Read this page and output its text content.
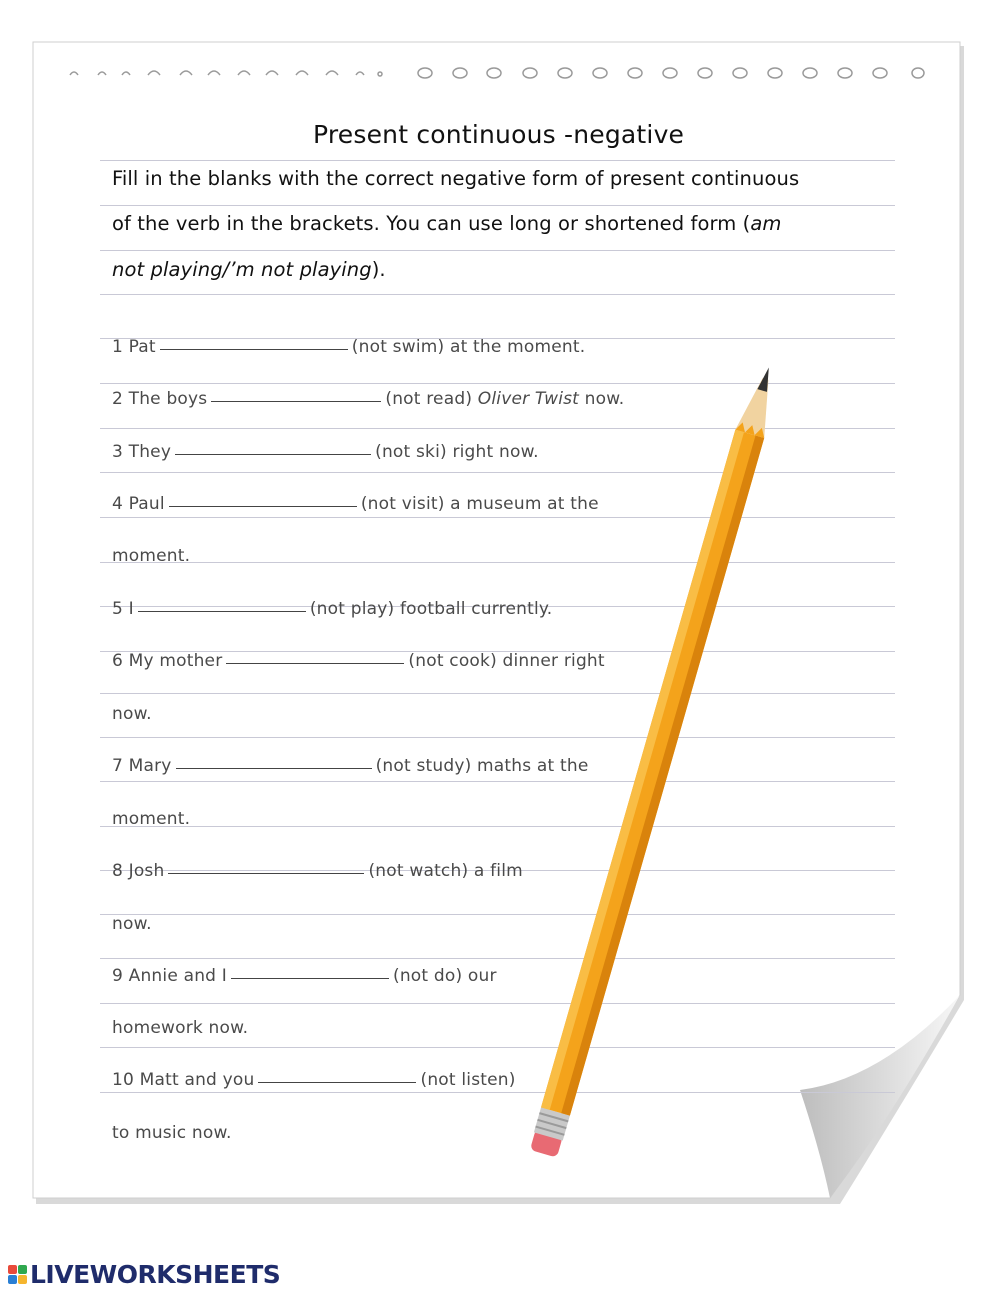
Present continuous -negative
Fill in the blanks with the correct negative form of present continuous
of the verb in the brackets. You can use long or shortened form (am
not playing/’m not playing).
1 Pat	(not swim) at the moment.
2 The boys	(not read) Oliver Twist now.
3 They	(not ski) right now.
4 Paul	(not visit) a museum at the
moment.
5 I	(not play) football currently.
6 My mother	(not cook) dinner right
now.
7 Mary	(not study) maths at the
moment.
8 Josh	(not watch) a film
now.
9 Annie and I	(not do) our
homework now.
10 Matt and you	(not listen)
to music now.
LIVEWORKSHEETS
